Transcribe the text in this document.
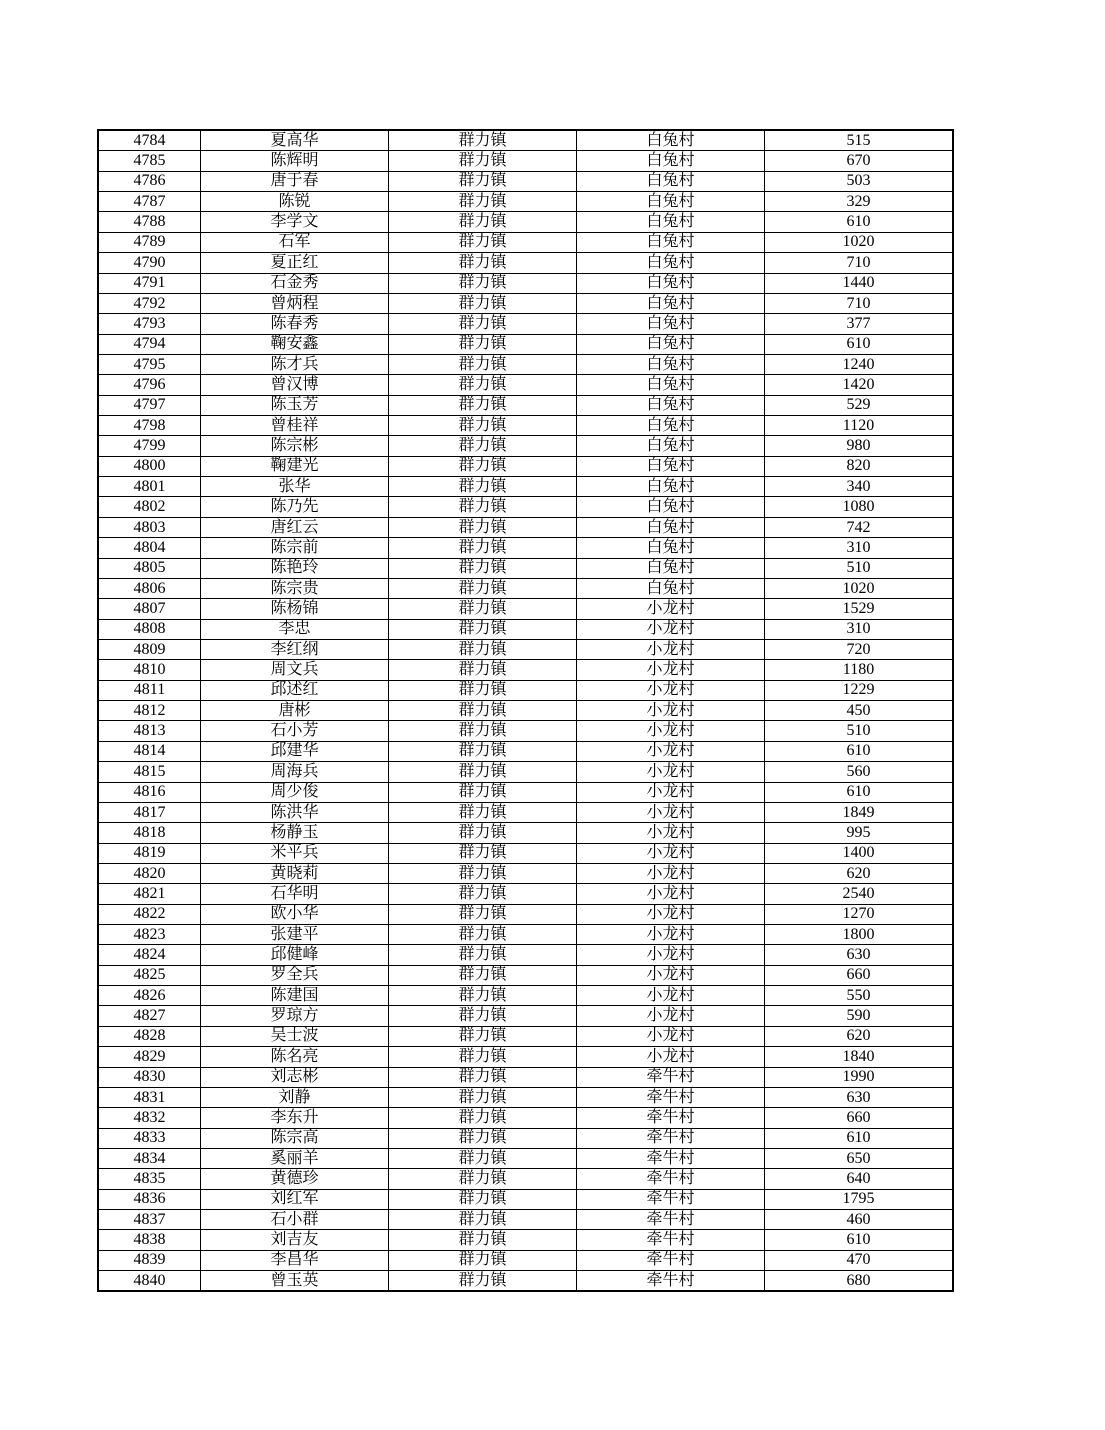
4784	夏高华	群力镇	白兔村	515
4785	陈辉明	群力镇	白兔村	670
4786	唐于春	群力镇	白兔村	503
4787	陈锐	群力镇	白兔村	329
4788	李学文	群力镇	白兔村	610
4789	石军	群力镇	白兔村	1020
4790	夏正红	群力镇	白兔村	710
4791	石金秀	群力镇	白兔村	1440
4792	曾炳程	群力镇	白兔村	710
4793	陈春秀	群力镇	白兔村	377
4794	鞠安鑫	群力镇	白兔村	610
4795	陈才兵	群力镇	白兔村	1240
4796	曾汉博	群力镇	白兔村	1420
4797	陈玉芳	群力镇	白兔村	529
4798	曾桂祥	群力镇	白兔村	1120
4799	陈宗彬	群力镇	白兔村	980
4800	鞠建光	群力镇	白兔村	820
4801	张华	群力镇	白兔村	340
4802	陈乃先	群力镇	白兔村	1080
4803	唐红云	群力镇	白兔村	742
4804	陈宗前	群力镇	白兔村	310
4805	陈艳玲	群力镇	白兔村	510
4806	陈宗贵	群力镇	白兔村	1020
4807	陈杨锦	群力镇	小龙村	1529
4808	李忠	群力镇	小龙村	310
4809	李红纲	群力镇	小龙村	720
4810	周文兵	群力镇	小龙村	1180
4811	邱述红	群力镇	小龙村	1229
4812	唐彬	群力镇	小龙村	450
4813	石小芳	群力镇	小龙村	510
4814	邱建华	群力镇	小龙村	610
4815	周海兵	群力镇	小龙村	560
4816	周少俊	群力镇	小龙村	610
4817	陈洪华	群力镇	小龙村	1849
4818	杨静玉	群力镇	小龙村	995
4819	米平兵	群力镇	小龙村	1400
4820	黄晓莉	群力镇	小龙村	620
4821	石华明	群力镇	小龙村	2540
4822	欧小华	群力镇	小龙村	1270
4823	张建平	群力镇	小龙村	1800
4824	邱健峰	群力镇	小龙村	630
4825	罗全兵	群力镇	小龙村	660
4826	陈建国	群力镇	小龙村	550
4827	罗琼方	群力镇	小龙村	590
4828	吴士波	群力镇	小龙村	620
4829	陈名亮	群力镇	小龙村	1840
4830	刘志彬	群力镇	牵牛村	1990
4831	刘静	群力镇	牵牛村	630
4832	李东升	群力镇	牵牛村	660
4833	陈宗高	群力镇	牵牛村	610
4834	奚丽羊	群力镇	牵牛村	650
4835	黄德珍	群力镇	牵牛村	640
4836	刘红军	群力镇	牵牛村	1795
4837	石小群	群力镇	牵牛村	460
4838	刘吉友	群力镇	牵牛村	610
4839	李昌华	群力镇	牵牛村	470
4840	曾玉英	群力镇	牵牛村	680
